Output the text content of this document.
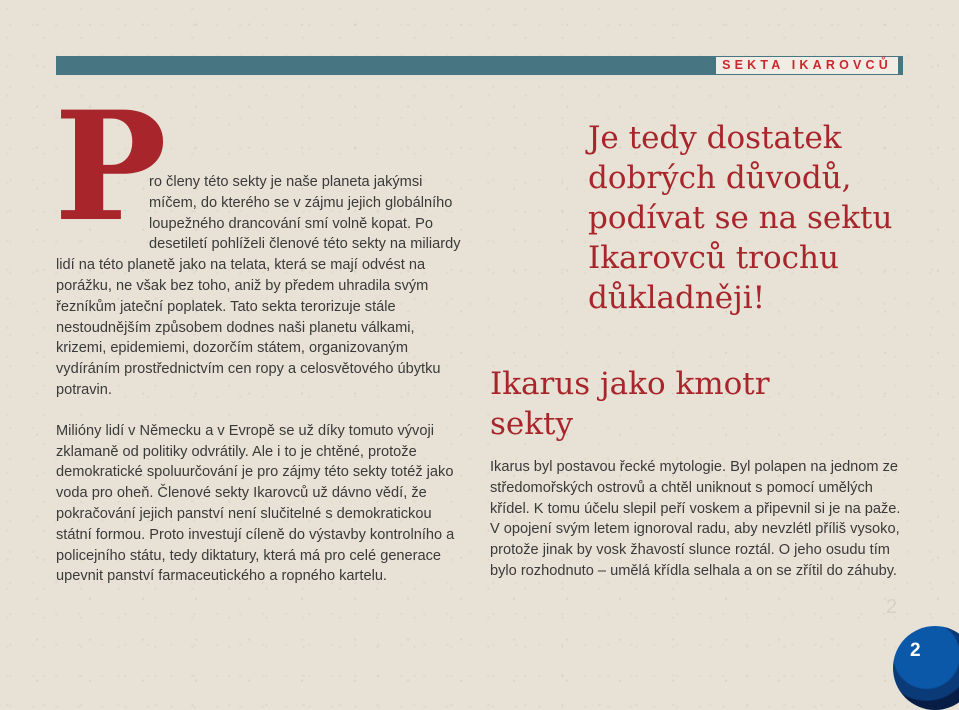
SEKTA IKAROVCŮ
P

ro členy této sekty je naše planeta jakýmsi míčem, do kterého se v zájmu jejich globálního loupežného drancování smí volně kopat. Po desetiletí pohlíželi členové této sekty na miliardy lidí na této planetě jako na telata, která se mají odvést na porážku, ne však bez toho, aniž by předem uhradila svým řezníkům jateční poplatek. Tato sekta terorizuje stále nestoudnějším způsobem dodnes naši planetu válkami, krizemi, epidemiemi, dozorčím státem, organizovaným vydíráním prostřednictvím cen ropy a celosvětového úbytku potravin.

Milióny lidí v Německu a v Evropě se už díky tomuto vývoji zklamaně od politiky odvrátily. Ale i to je chtěné, protože demokratické spoluurčování je pro zájmy této sekty totéž jako voda pro oheň. Členové sekty Ikarovců už dávno vědí, že pokračování jejich panství není slučitelné s demokratickou státní formou. Proto investují cíleně do výstavby kontrolního a policejního státu, tedy diktatury, která má pro celé generace upevnit panství farmaceutického a ropného kartelu.

Je tedy dostatek dobrých důvodů, podívat se na sektu Ikarovců trochu důkladněji!
Ikarus jako kmotr sekty

Ikarus byl postavou řecké mytologie. Byl polapen na jednom ze středomořských ostrovů a chtěl uniknout s pomocí umělých křídel. K tomu účelu slepil peří voskem a připevnil si je na paže. V opojení svým letem ignoroval radu, aby nevzlétl příliš vysoko, protože jinak by vosk žhavostí slunce roztál. O jeho osudu tím bylo rozhodnuto – umělá křídla selhala a on se zřítil do záhuby.

2
2
